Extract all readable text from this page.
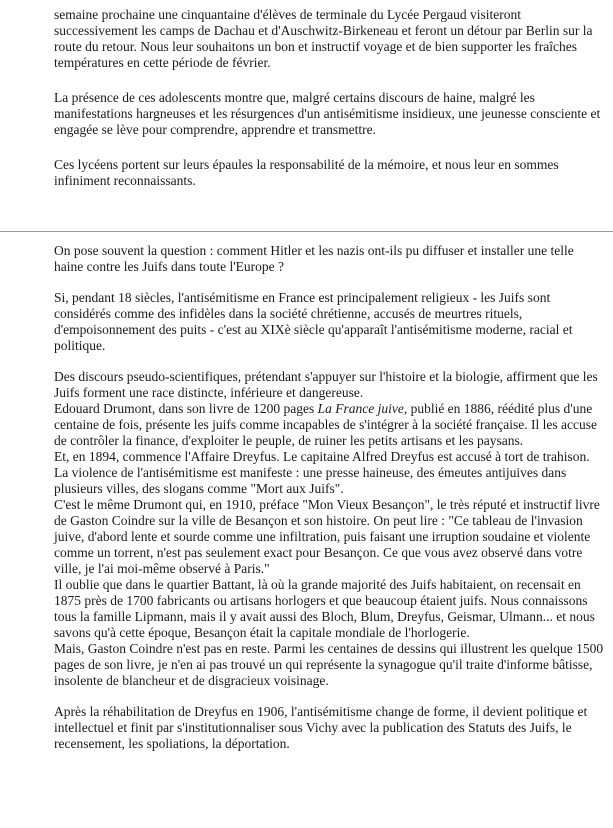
semaine prochaine une cinquantaine d'élèves de terminale du Lycée Pergaud visiteront successivement les camps de Dachau et d'Auschwitz-Birkeneau et feront un détour par Berlin sur la route du retour. Nous leur souhaitons un bon et instructif voyage et de bien supporter les fraîches températures en cette période de février.

La présence de ces adolescents montre que, malgré certains discours de haine, malgré les manifestations hargneuses et les résurgences d'un antisémitisme insidieux, une jeunesse consciente et engagée se lève pour comprendre, apprendre et transmettre.

Ces lycéens portent sur leurs épaules la responsabilité de la mémoire, et nous leur en sommes infiniment reconnaissants.

On pose souvent la question : comment Hitler et les nazis ont-ils pu diffuser et installer une telle haine contre les Juifs dans toute l'Europe ?

Si, pendant 18 siècles, l'antisémitisme en France est principalement religieux - les Juifs sont considérés comme des infidèles dans la société chrétienne, accusés de meurtres rituels, d'empoisonnement des puits - c'est au XIXè siècle qu'apparaît l'antisémitisme moderne, racial et politique.

Des discours pseudo-scientifiques, prétendant s'appuyer sur l'histoire et la biologie, affirment que les Juifs forment une race distincte, inférieure et dangereuse.

Edouard Drumont, dans son livre de 1200 pages La France juive, publié en 1886, réédité plus d'une centaine de fois, présente les juifs comme incapables de s'intégrer à la société française. Il les accuse de contrôler la finance, d'exploiter le peuple, de ruiner les petits artisans et les paysans.

Et, en 1894, commence l'Affaire Dreyfus. Le capitaine Alfred Dreyfus est accusé à tort de trahison. La violence de l'antisémitisme est manifeste : une presse haineuse, des émeutes antijuives dans plusieurs villes, des slogans comme "Mort aux Juifs".

C'est le même Drumont qui, en 1910, préface "Mon Vieux Besançon", le très réputé et instructif livre de Gaston Coindre sur la ville de Besançon et son histoire. On peut lire : "Ce tableau de l'invasion juive, d'abord lente et sourde comme une infiltration, puis faisant une irruption soudaine et violente comme un torrent, n'est pas seulement exact pour Besançon. Ce que vous avez observé dans votre ville, je l'ai moi-même observé à Paris."

Il oublie que dans le quartier Battant, là où la grande majorité des Juifs habitaient, on recensait en 1875 près de 1700 fabricants ou artisans horlogers et que beaucoup étaient juifs. Nous connaissons tous la famille Lipmann, mais il y avait aussi des Bloch, Blum, Dreyfus, Geismar, Ulmann... et nous savons qu'à cette époque, Besançon était la capitale mondiale de l'horlogerie.

Mais, Gaston Coindre n'est pas en reste. Parmi les centaines de dessins qui illustrent les quelque 1500 pages de son livre, je n'en ai pas trouvé un qui représente la synagogue qu'il traite d'informe bâtisse, insolente de blancheur et de disgracieux voisinage.

Après la réhabilitation de Dreyfus en 1906, l'antisémitisme change de forme, il devient politique et intellectuel et finit par s'institutionnaliser sous Vichy avec la publication des Statuts des Juifs, le recensement, les spoliations, la déportation.
